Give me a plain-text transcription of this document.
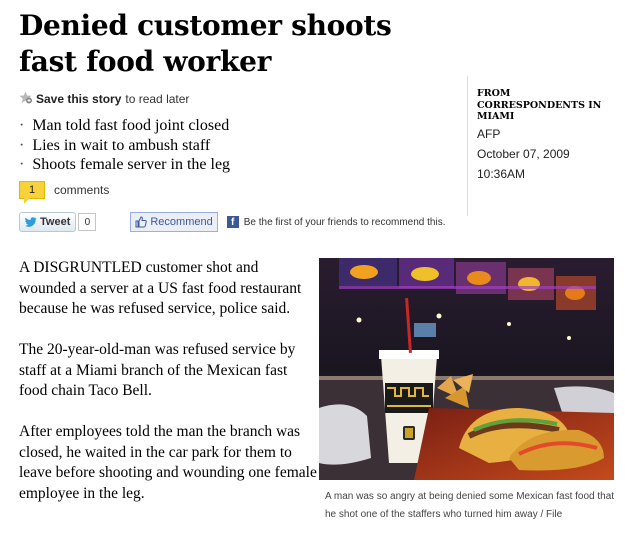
Denied customer shoots fast food worker
Save this story to read later
· Man told fast food joint closed
· Lies in wait to ambush staff
· Shoots female server in the leg
1	comments
Tweet	0	Recommend	f Be the first of your friends to recommend this.
FROM CORRESPONDENTS IN MIAMI
AFP
October 07, 2009
10:36AM

A DISGRUNTLED customer shot and wounded a server at a US fast food restaurant because he was refused service, police said.

The 20-year-old-man was refused service by staff at a Miami branch of the Mexican fast food chain Taco Bell.

After employees told the man the branch was closed, he waited in the car park for them to leave before shooting and wounding one female employee in the leg.	A man was so angry at being denied some Mexican fast food that he shot one of the staffers who turned him away / File
